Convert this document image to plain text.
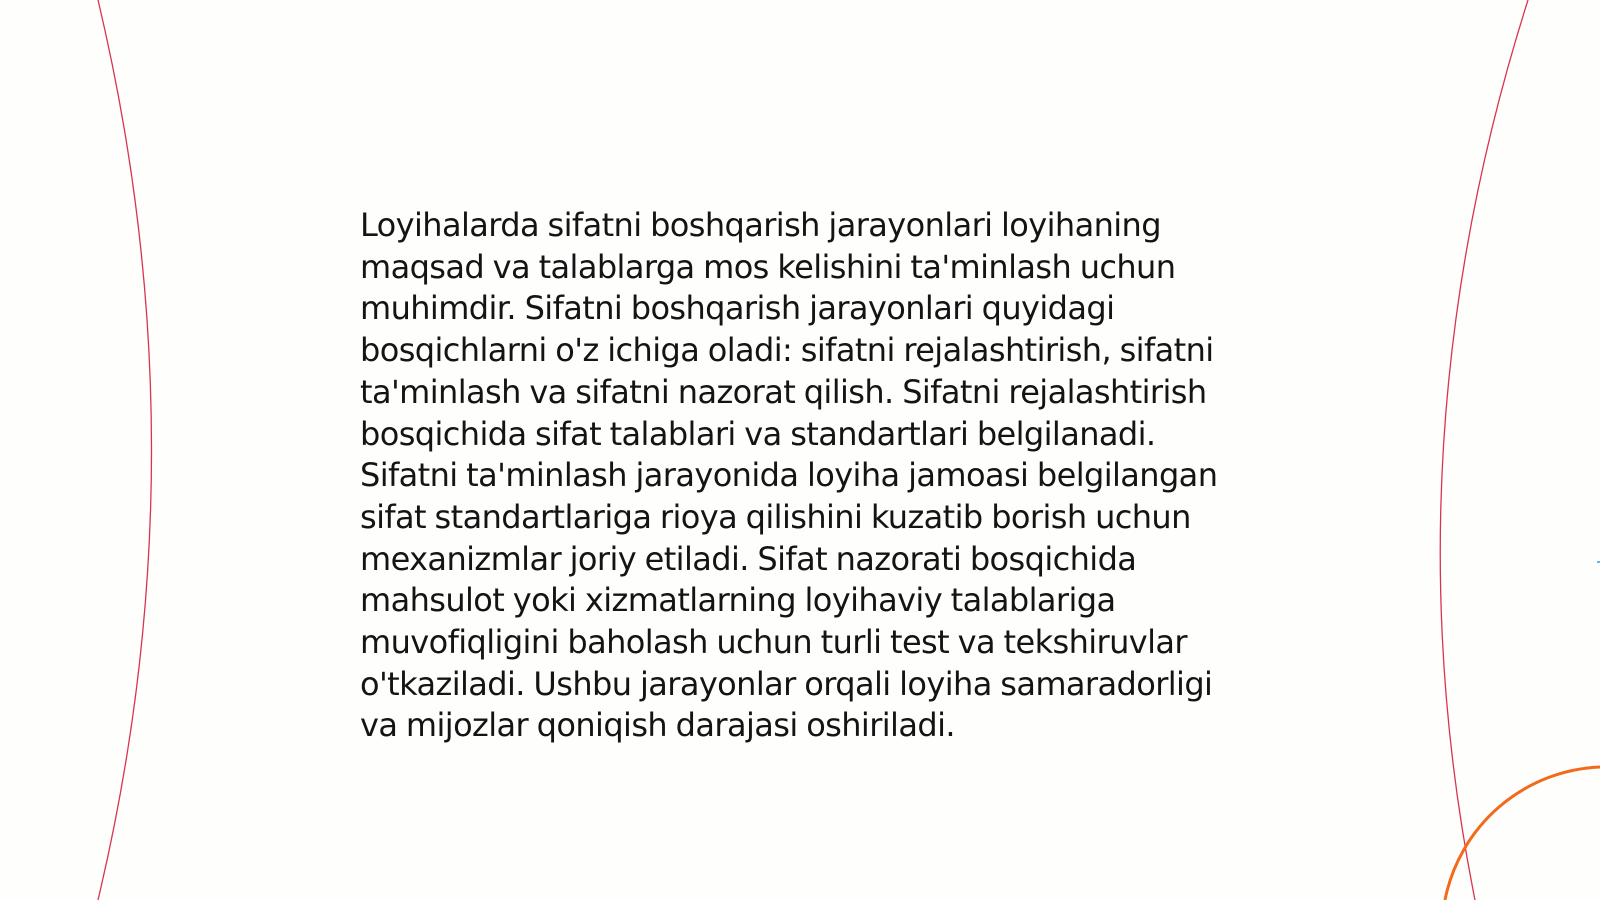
Loyihalarda sifatni boshqarish jarayonlari loyihaning maqsad va talablarga mos kelishini ta'minlash uchun muhimdir. Sifatni boshqarish jarayonlari quyidagi bosqichlarni o'z ichiga oladi: sifatni rejalashtirish, sifatni ta'minlash va sifatni nazorat qilish. Sifatni rejalashtirish bosqichida sifat talablari va standartlari belgilanadi. Sifatni ta'minlash jarayonida loyiha jamoasi belgilangan sifat standartlariga rioya qilishini kuzatib borish uchun mexanizmlar joriy etiladi. Sifat nazorati bosqichida mahsulot yoki xizmatlarning loyihaviy talablariga muvofiqligini baholash uchun turli test va tekshiruvlar o'tkaziladi. Ushbu jarayonlar orqali loyiha samaradorligi va mijozlar qoniqish darajasi oshiriladi.
